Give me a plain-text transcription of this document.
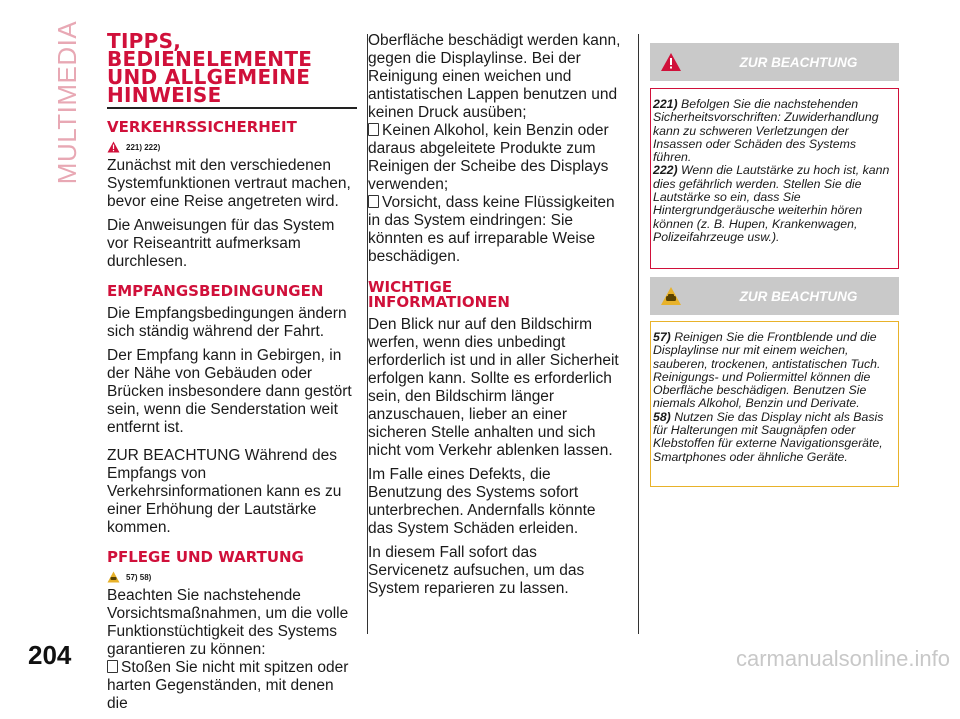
MULTIMEDIA TIPPS, BEDIENELEMENTE UND ALLGEMEINE HINWEISE
VERKEHRSSICHERHEIT
221) 222)

Zunächst mit den verschiedenen Systemfunktionen vertraut machen, bevor eine Reise angetreten wird.

Die Anweisungen für das System vor Reiseantritt aufmerksam durchlesen.

EMPFANGSBEDINGUNGEN

Die Empfangsbedingungen ändern sich ständig während der Fahrt.

Der Empfang kann in Gebirgen, in der Nähe von Gebäuden oder Brücken insbesondere dann gestört sein, wenn die Senderstation weit entfernt ist.

ZUR BEACHTUNG Während des Empfangs von Verkehrsinformationen kann es zu einer Erhöhung der Lautstärke kommen.

PFLEGE UND WARTUNG
57) 58)

Beachten Sie nachstehende Vorsichtsmaßnahmen, um die volle Funktionstüchtigkeit des Systems garantieren zu können:

Stoßen Sie nicht mit spitzen oder harten Gegenständen, mit denen die

Oberfläche beschädigt werden kann, gegen die Displaylinse. Bei der Reinigung einen weichen und antistatischen Lappen benutzen und keinen Druck ausüben;

Keinen Alkohol, kein Benzin oder daraus abgeleitete Produkte zum Reinigen der Scheibe des Displays verwenden;

Vorsicht, dass keine Flüssigkeiten in das System eindringen: Sie könnten es auf irreparable Weise beschädigen.

WICHTIGE
INFORMATIONEN

Den Blick nur auf den Bildschirm werfen, wenn dies unbedingt erforderlich ist und in aller Sicherheit erfolgen kann. Sollte es erforderlich sein, den Bildschirm länger anzuschauen, lieber an einer sicheren Stelle anhalten und sich nicht vom Verkehr ablenken lassen.

Im Falle eines Defekts, die Benutzung des Systems sofort unterbrechen. Andernfalls könnte das System Schäden erleiden.

In diesem Fall sofort das Servicenetz aufsuchen, um das System reparieren zu lassen.

ZUR BEACHTUNG

221) Befolgen Sie die nachstehenden Sicherheitsvorschriften: Zuwiderhandlung kann zu schweren Verletzungen der Insassen oder Schäden des Systems führen.

222) Wenn die Lautstärke zu hoch ist, kann dies gefährlich werden. Stellen Sie die Lautstärke so ein, dass Sie Hintergrundgeräusche weiterhin hören können (z. B. Hupen, Krankenwagen, Polizeifahrzeuge usw.).

ZUR BEACHTUNG

57) Reinigen Sie die Frontblende und die Displaylinse nur mit einem weichen, sauberen, trockenen, antistatischen Tuch. Reinigungs- und Poliermittel können die Oberfläche beschädigen. Benutzen Sie niemals Alkohol, Benzin und Derivate.

58) Nutzen Sie das Display nicht als Basis für Halterungen mit Saugnäpfen oder Klebstoffen für externe Navigationsgeräte, Smartphones oder ähnliche Geräte.

204	carmanualsonline.info
